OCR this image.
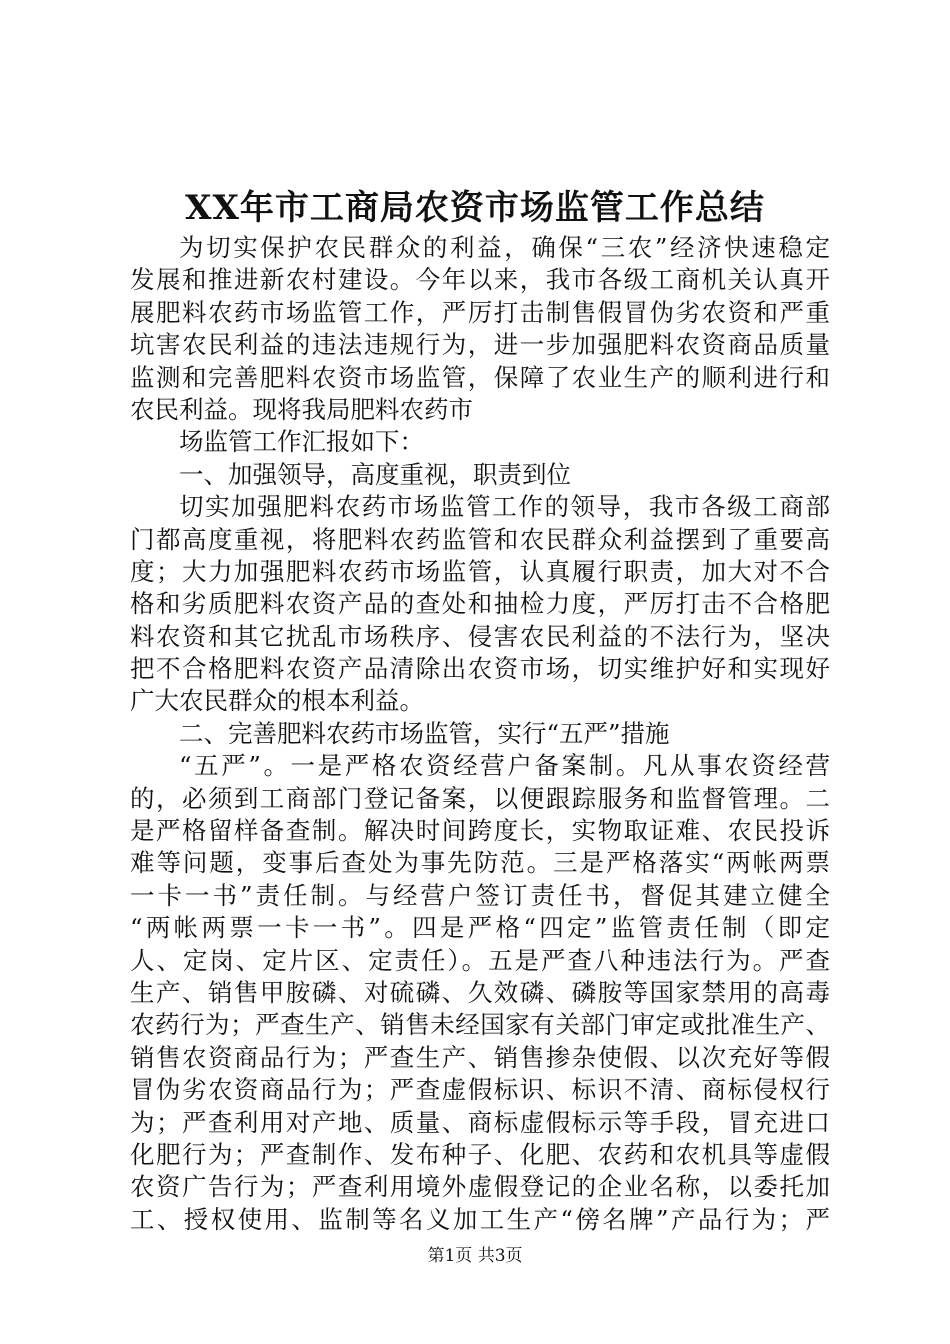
XX年市工商局农资市场监管工作总结
为切实保护农民群众的利益，确保“三农”经济快速稳定
发展和推进新农村建设。今年以来，我市各级工商机关认真开
展肥料农药市场监管工作，严厉打击制售假冒伪劣农资和严重
坑害农民利益的违法违规行为，进一步加强肥料农资商品质量
监测和完善肥料农资市场监管，保障了农业生产的顺利进行和
农民利益。现将我局肥料农药市
场监管工作汇报如下：
一、加强领导，高度重视，职责到位
切实加强肥料农药市场监管工作的领导，我市各级工商部
门都高度重视，将肥料农药监管和农民群众利益摆到了重要高
度；大力加强肥料农药市场监管，认真履行职责，加大对不合
格和劣质肥料农资产品的查处和抽检力度，严厉打击不合格肥
料农资和其它扰乱市场秩序、侵害农民利益的不法行为，坚决
把不合格肥料农资产品清除出农资市场，切实维护好和实现好
广大农民群众的根本利益。
二、完善肥料农药市场监管，实行“五严”措施
“五严”。一是严格农资经营户备案制。凡从事农资经营
的，必须到工商部门登记备案，以便跟踪服务和监督管理。二
是严格留样备查制。解决时间跨度长，实物取证难、农民投诉
难等问题，变事后查处为事先防范。三是严格落实“两帐两票
一卡一书”责任制。与经营户签订责任书，督促其建立健全
“两帐两票一卡一书”。四是严格“四定”监管责任制（即定
人、定岗、定片区、定责任）。五是严查八种违法行为。严查
生产、销售甲胺磷、对硫磷、久效磷、磷胺等国家禁用的高毒
农药行为；严查生产、销售未经国家有关部门审定或批准生产、
销售农资商品行为；严查生产、销售掺杂使假、以次充好等假
冒伪劣农资商品行为；严查虚假标识、标识不清、商标侵权行
为；严查利用对产地、质量、商标虚假标示等手段，冒充进口
化肥行为；严查制作、发布种子、化肥、农药和农机具等虚假
农资广告行为；严查利用境外虚假登记的企业名称，以委托加
工、授权使用、监制等名义加工生产“傍名牌”产品行为；严
第1页 共3页
